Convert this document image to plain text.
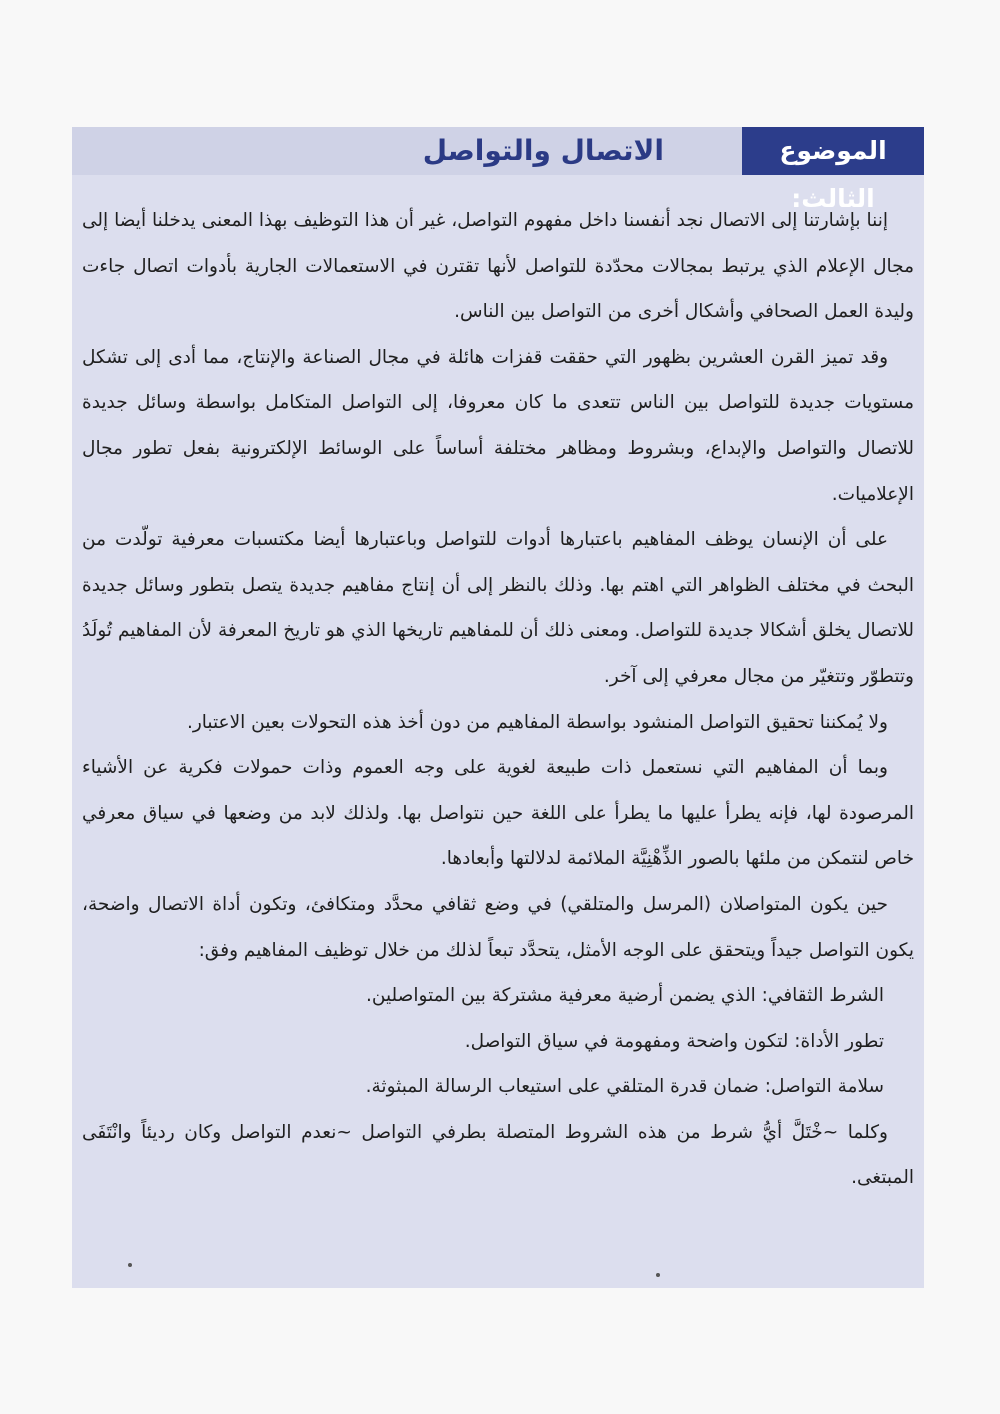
الموضوع الثالث:
الاتصال والتواصل

إننا بإشارتنا إلى الاتصال نجد أنفسنا داخل مفهوم التواصل، غير أن هذا التوظيف بهذا المعنى يدخلنا أيضا إلى مجال الإعلام الذي يرتبط بمجالات محدّدة للتواصل لأنها تقترن في الاستعمالات الجارية بأدوات اتصال جاءت وليدة العمل الصحافي وأشكال أخرى من التواصل بين الناس.

وقد تميز القرن العشرين بظهور التي حققت قفزات هائلة في مجال الصناعة والإنتاج، مما أدى إلى تشكل مستويات جديدة للتواصل بين الناس تتعدى ما كان معروفا، إلى التواصل المتكامل بواسطة وسائل جديدة للاتصال والتواصل والإبداع، وبشروط ومظاهر مختلفة أساساً على الوسائط الإلكترونية بفعل تطور مجال الإعلاميات.

على أن الإنسان يوظف المفاهيم باعتبارها أدوات للتواصل وباعتبارها أيضا مكتسبات معرفية تولّدت من البحث في مختلف الظواهر التي اهتم بها. وذلك بالنظر إلى أن إنتاج مفاهيم جديدة يتصل بتطور وسائل جديدة للاتصال يخلق أشكالا جديدة للتواصل. ومعنى ذلك أن للمفاهيم تاريخها الذي هو تاريخ المعرفة لأن المفاهيم تُولَدُ وتتطوّر وتتغيّر من مجال معرفي إلى آخر.

ولا يُمكننا تحقيق التواصل المنشود بواسطة المفاهيم من دون أخذ هذه التحولات بعين الاعتبار.

وبما أن المفاهيم التي نستعمل ذات طبيعة لغوية على وجه العموم وذات حمولات فكرية عن الأشياء المرصودة لها، فإنه يطرأ عليها ما يطرأ على اللغة حين نتواصل بها. ولذلك لابد من وضعها في سياق معرفي خاص لنتمكن من ملئها بالصور الذِّهْنِيَّة الملائمة لدلالتها وأبعادها.

حين يكون المتواصلان (المرسل والمتلقي) في وضع ثقافي محدَّد ومتكافئ، وتكون أداة الاتصال واضحة، يكون التواصل جيداً ويتحقق على الوجه الأمثل، يتحدَّد تبعاً لذلك من خلال توظيف المفاهيم وفق:

الشرط الثقافي: الذي يضمن أرضية معرفية مشتركة بين المتواصلين.

تطور الأداة: لتكون واضحة ومفهومة في سياق التواصل.

سلامة التواصل: ضمان قدرة المتلقي على استيعاب الرسالة المبثوثة.

وكلما ~خْتَلَّ أيُّ شرط من هذه الشروط المتصلة بطرفي التواصل ~نعدم التواصل وكان رديئاً وانْتَفَى المبتغى.
